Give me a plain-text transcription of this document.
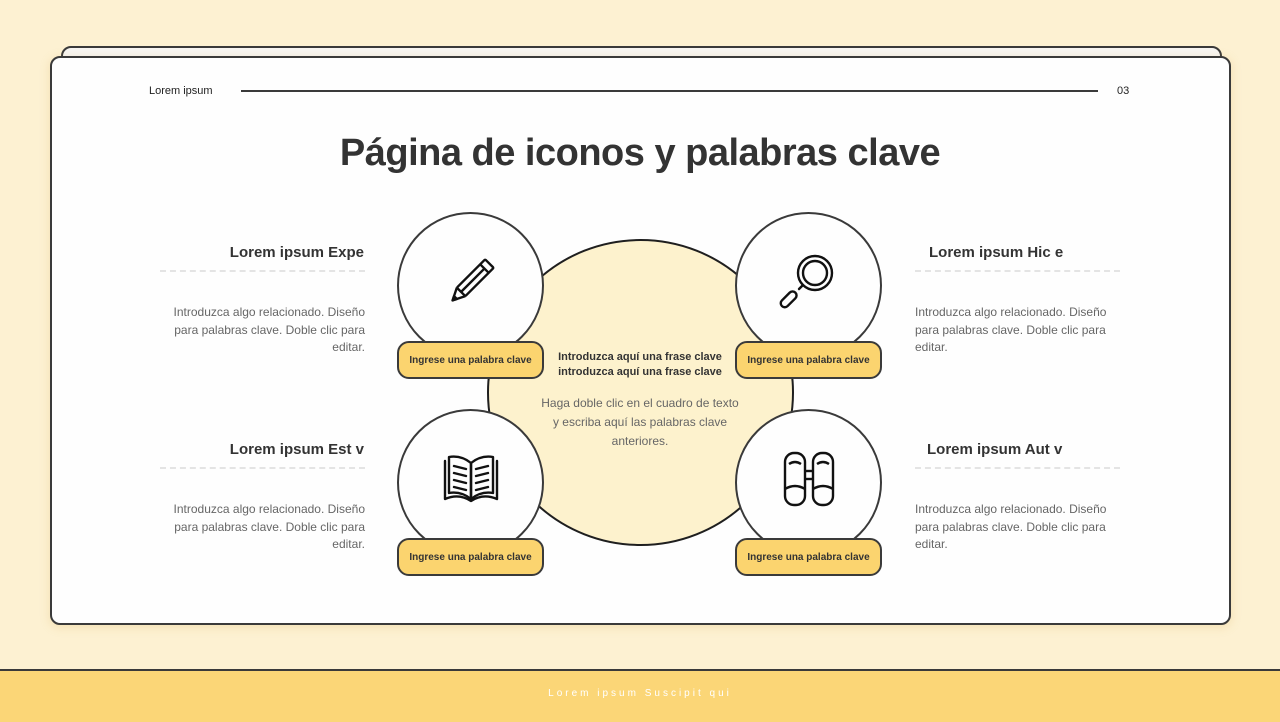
Lorem ipsum	03
Página de iconos y palabras clave
Introduzca aquí una frase clave
introduzca aquí una frase clave
Haga doble clic en el cuadro de texto y escriba aquí las palabras clave anteriores.
Ingrese una palabra clave	Ingrese una palabra clave
Ingrese una palabra clave	Ingrese una palabra clave
Lorem ipsum Expe
Introduzca algo relacionado. Diseño para palabras clave. Doble clic para editar.
Lorem ipsum Hic e
Introduzca algo relacionado. Diseño para palabras clave. Doble clic para editar.
Lorem ipsum Est v
Introduzca algo relacionado. Diseño para palabras clave. Doble clic para editar.
Lorem ipsum Aut v
Introduzca algo relacionado. Diseño para palabras clave. Doble clic para editar.
Lorem ipsum Suscipit qui
